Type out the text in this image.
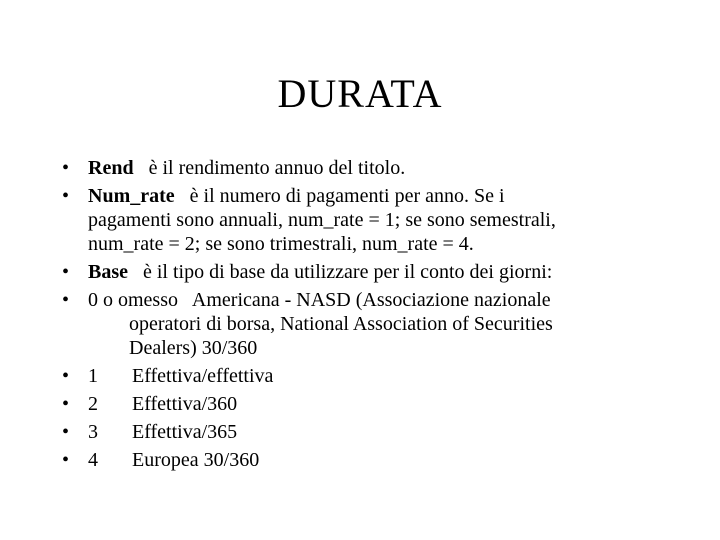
DURATA
• Rend è il rendimento annuo del titolo.
• Num_rate è il numero di pagamenti per anno. Se i
pagamenti sono annuali, num_rate = 1; se sono semestrali,
num_rate = 2; se sono trimestrali, num_rate = 4.
• Base è il tipo di base da utilizzare per il conto dei giorni:
• 0 o omesso Americana - NASD (Associazione nazionale
operatori di borsa, National Association of Securities
Dealers) 30/360
• 1 Effettiva/effettiva
• 2 Effettiva/360
• 3 Effettiva/365
• 4 Europea 30/360
